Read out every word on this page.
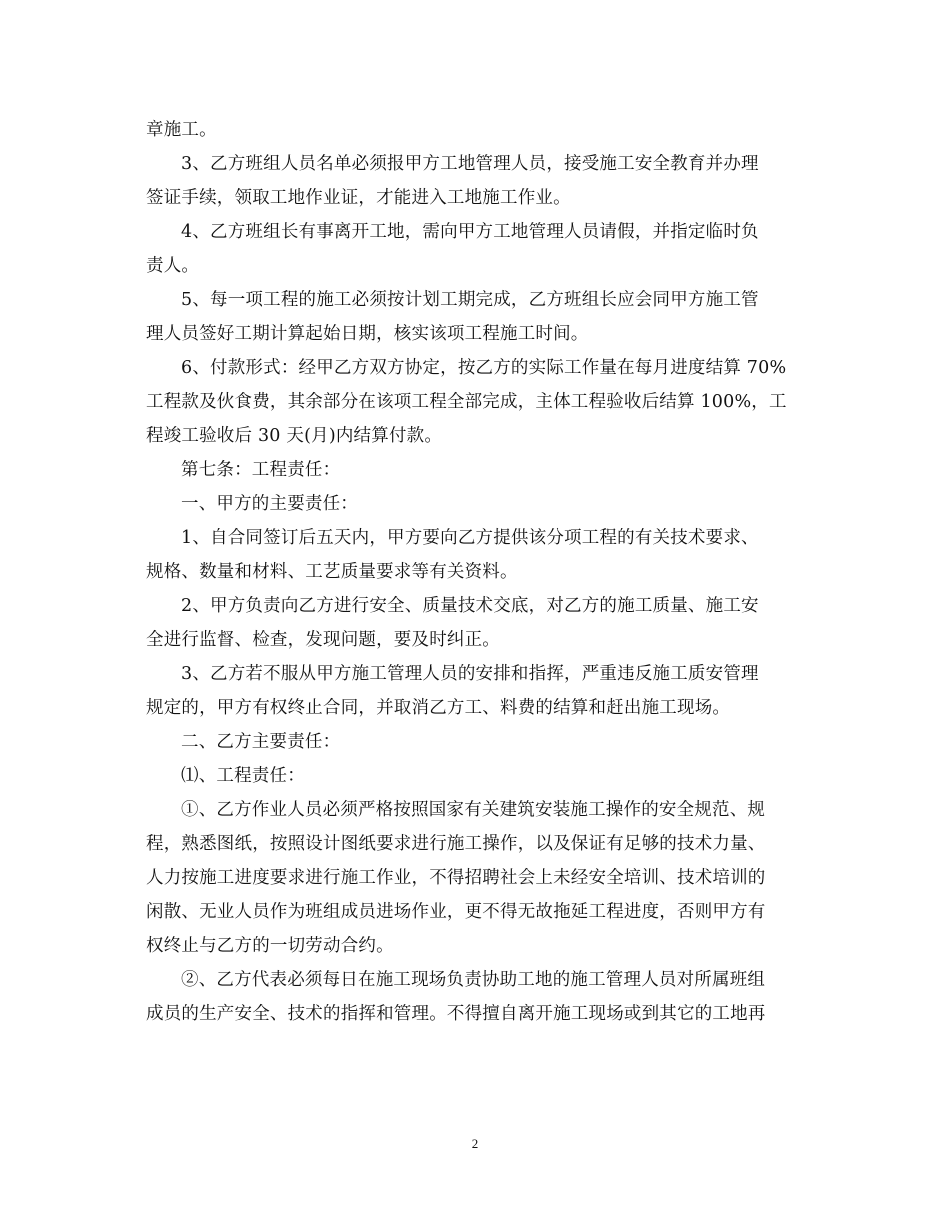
章施工。
3、乙方班组人员名单必须报甲方工地管理人员，接受施工安全教育并办理
签证手续，领取工地作业证，才能进入工地施工作业。
4、乙方班组长有事离开工地，需向甲方工地管理人员请假，并指定临时负
责人。
5、每一项工程的施工必须按计划工期完成，乙方班组长应会同甲方施工管
理人员签好工期计算起始日期，核实该项工程施工时间。
6、付款形式：经甲乙方双方协定，按乙方的实际工作量在每月进度结算 70%
工程款及伙食费，其余部分在该项工程全部完成，主体工程验收后结算 100%，工
程竣工验收后 30 天(月)内结算付款。
第七条：工程责任：
一、甲方的主要责任：
1、自合同签订后五天内，甲方要向乙方提供该分项工程的有关技术要求、
规格、数量和材料、工艺质量要求等有关资料。
2、甲方负责向乙方进行安全、质量技术交底，对乙方的施工质量、施工安
全进行监督、检查，发现问题，要及时纠正。
3、乙方若不服从甲方施工管理人员的安排和指挥，严重违反施工质安管理
规定的，甲方有权终止合同，并取消乙方工、料费的结算和赶出施工现场。
二、乙方主要责任：
⑴、工程责任：
①、乙方作业人员必须严格按照国家有关建筑安装施工操作的安全规范、规
程，熟悉图纸，按照设计图纸要求进行施工操作，以及保证有足够的技术力量、
人力按施工进度要求进行施工作业，不得招聘社会上未经安全培训、技术培训的
闲散、无业人员作为班组成员进场作业，更不得无故拖延工程进度，否则甲方有
权终止与乙方的一切劳动合约。
②、乙方代表必须每日在施工现场负责协助工地的施工管理人员对所属班组
成员的生产安全、技术的指挥和管理。不得擅自离开施工现场或到其它的工地再
2
